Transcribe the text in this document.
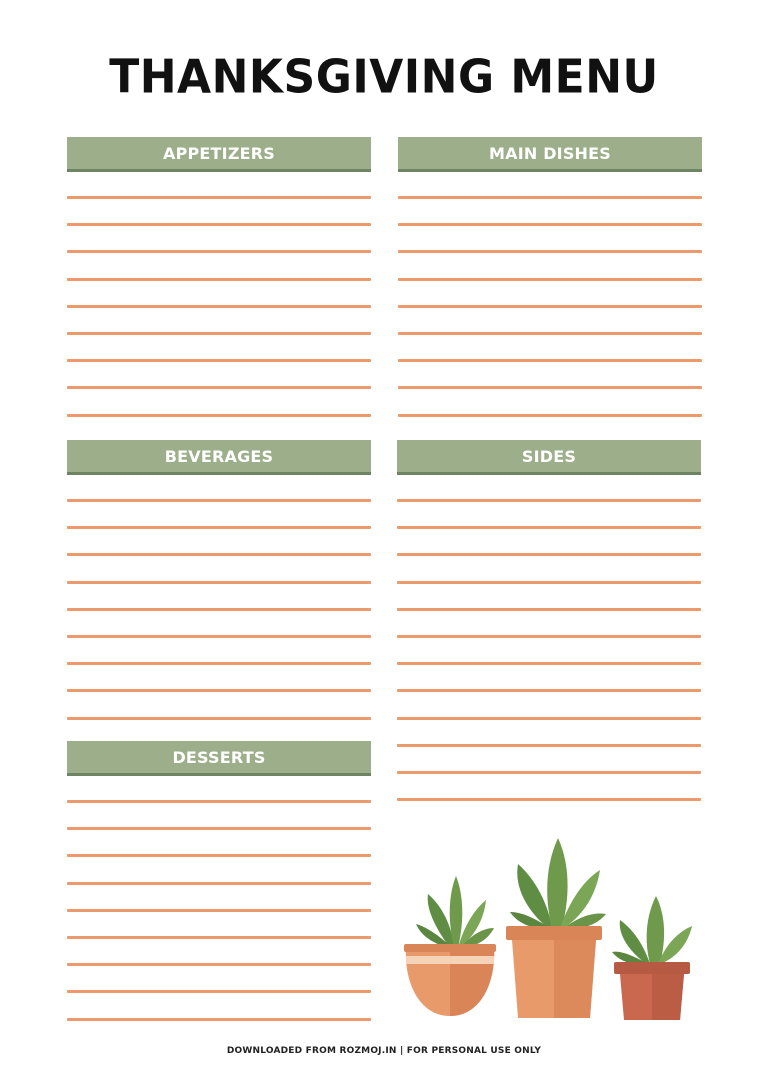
THANKSGIVING MENU
APPETIZERS	MAIN DISHES
BEVERAGES	SIDES
DESSERTS
DOWNLOADED FROM ROZMOJ.IN | FOR PERSONAL USE ONLY
